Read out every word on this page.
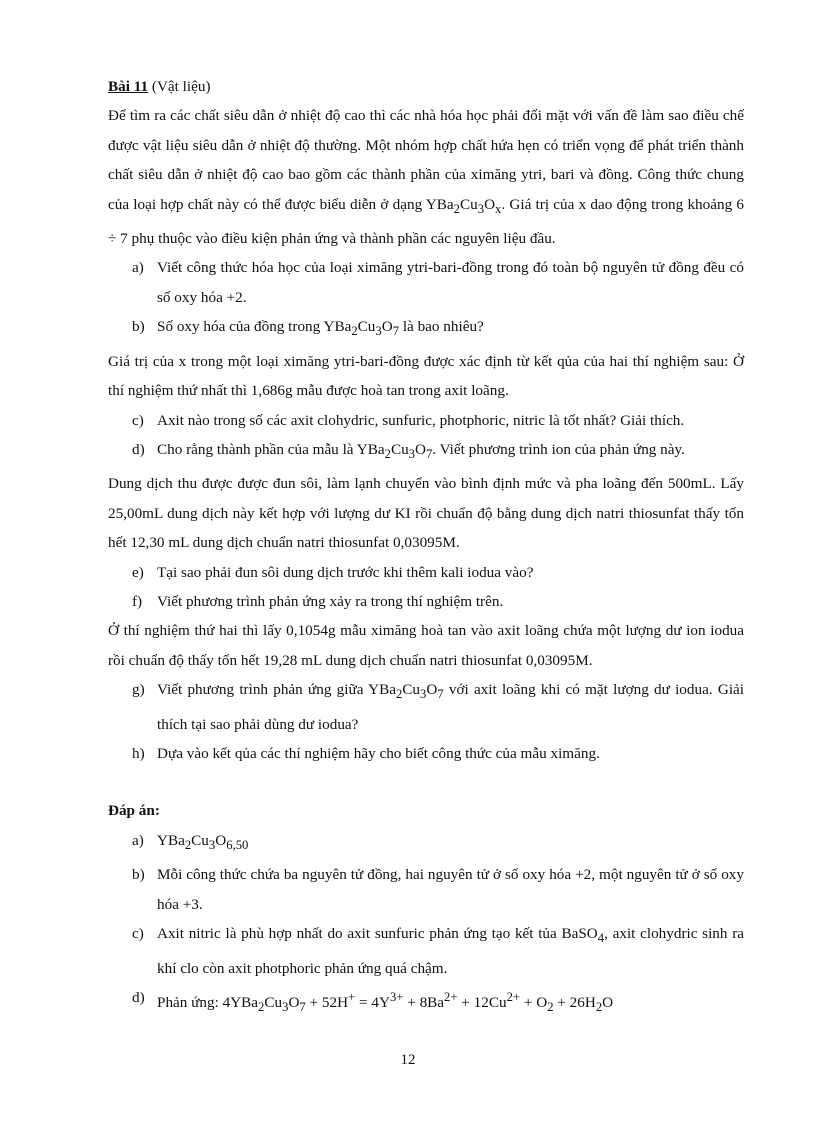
Bài 11 (Vật liệu)

Để tìm ra các chất siêu dẫn ở nhiệt độ cao thì các nhà hóa học phải đối mặt với vấn đề làm sao điều chế được vật liệu siêu dẫn ở nhiệt độ thường. Một nhóm hợp chất hứa hẹn có triển vọng để phát triển thành chất siêu dẫn ở nhiệt độ cao bao gồm các thành phần của ximăng ytri, bari và đồng. Công thức chung của loại hợp chất này có thể được biểu diễn ở dạng $YBa_2Cu_3O_x$. Giá trị của x dao động trong khoảng 6 ÷ 7 phụ thuộc vào điều kiện phản ứng và thành phần các nguyên liệu đầu.

a) Viết công thức hóa học của loại ximăng ytri-bari-đồng trong đó toàn bộ nguyên tử đồng đều có số oxy hóa +2.
b) Số oxy hóa của đồng trong $YBa_2Cu_3O_7$ là bao nhiêu?

Giá trị của x trong một loại ximăng ytri-bari-đồng được xác định từ kết qủa của hai thí nghiệm sau: Ở thí nghiệm thứ nhất thì 1,686g mẫu được hoà tan trong axit loãng.

c) Axit nào trong số các axit clohydric, sunfuric, photphoric, nitric là tốt nhất? Giải thích.
d) Cho rằng thành phần của mẫu là $YBa_2Cu_3O_7$. Viết phương trình ion của phản ứng này.

Dung dịch thu được được đun sôi, làm lạnh chuyển vào bình định mức và pha loãng đến 500mL. Lấy 25,00mL dung dịch này kết hợp với lượng dư KI rồi chuẩn độ bằng dung dịch natri thiosunfat thấy tốn hết 12,30 mL dung dịch chuẩn natri thiosunfat 0,03095M.

e) Tại sao phải đun sôi dung dịch trước khi thêm kali iodua vào?
f) Viết phương trình phản ứng xảy ra trong thí nghiệm trên.

Ở thí nghiệm thứ hai thì lấy 0,1054g mẫu ximăng hoà tan vào axit loãng chứa một lượng dư ion iodua rồi chuẩn độ thấy tốn hết 19,28 mL dung dịch chuẩn natri thiosunfat 0,03095M.

g) Viết phương trình phản ứng giữa $YBa_2Cu_3O_7$ với axit loãng khi có mặt lượng dư iodua. Giải thích tại sao phải dùng dư iodua?
h) Dựa vào kết qủa các thí nghiệm hãy cho biết công thức của mẫu ximăng.

Đáp án:

a) $YBa_2Cu_3O_{6,50}$
b) Mỗi công thức chứa ba nguyên tử đồng, hai nguyên tử ở số oxy hóa +2, một nguyên tử ở số oxy hóa +3.
c) Axit nitric là phù hợp nhất do axit sunfuric phản ứng tạo kết tủa BaSO$_4$, axit clohydric sinh ra khí clo còn axit photphoric phản ứng quá chậm.
d) Phản ứng: $4YBa_2Cu_3O_7 + 52H^+ = 4Y^{3+} + 8Ba^{2+} + 12Cu^{2+} + O_2 + 26H_2O$
12
